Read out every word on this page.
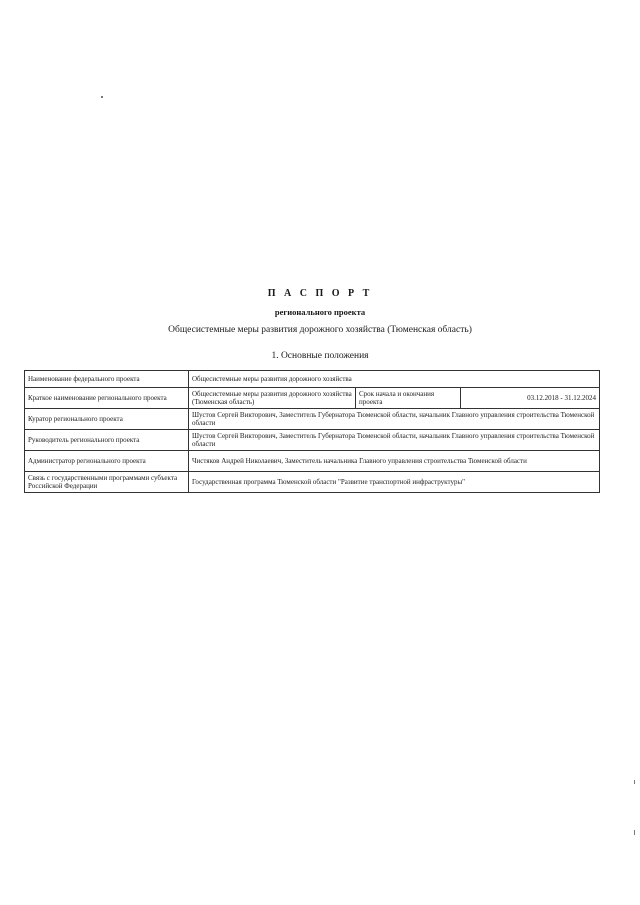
П А С П О Р Т
регионального проекта
Общесистемные меры развития дорожного хозяйства (Тюменская область)
1. Основные положения
Наименование федерального проекта	Общесистемные меры развития дорожного хозяйства		
Краткое наименование регионального проекта	Общесистемные меры развития дорожного хозяйства (Тюменская область)	Срок начала и окончания проекта	03.12.2018 - 31.12.2024
Куратор регионального проекта	Шустов Сергей Викторович, Заместитель Губернатора Тюменской области, начальник Главного управления строительства Тюменской области		
Руководитель регионального проекта	Шустов Сергей Викторович, Заместитель Губернатора Тюменской области, начальник Главного управления строительства Тюменской области		
Администратор регионального проекта	Чистяков Андрей Николаевич, Заместитель начальника Главного управления строительства Тюменской области		
Связь с государственными программами субъекта Российской Федерации	Государственная программа Тюменской области "Развитие транспортной инфраструктуры"		
